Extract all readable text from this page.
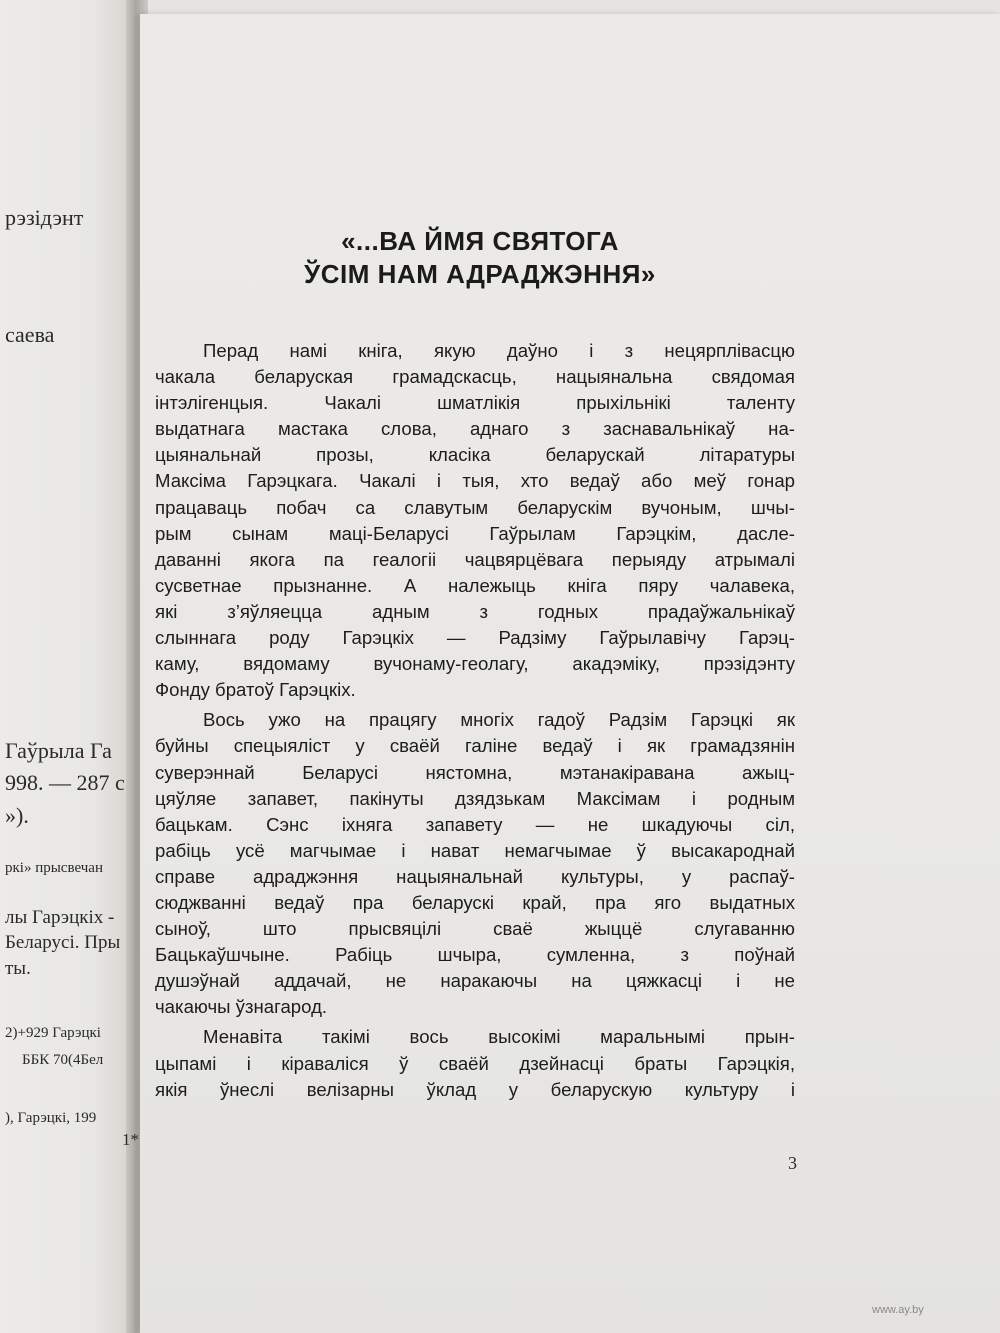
рэзідэнт
саева
Гаўрыла Га
998. — 287 с
»).
ркі» прысвечан
лы Гарэцкіх -
Беларусі. Пры
ты.
2)+929 Гарэцкі
ББК 70(4Бел
), Гарэцкі, 199
«...ВА ЙМЯ СВЯТОГА
ЎСІМ НАМ АДРАДЖЭННЯ»
Перад намі кніга, якую даўно і з нецярплівасцю
чакала беларуская грамадскасць, нацыянальна свядомая
інтэлігенцыя. Чакалі шматлікія прыхільнікі таленту
выдатнага мастака слова, аднаго з заснавальнікаў на-
цыянальнай прозы, класіка беларускай літаратуры
Максіма Гарэцкага. Чакалі і тыя, хто ведаў або меў гонар
працаваць побач са славутым беларускім вучоным, шчы-
рым сынам маці-Беларусі Гаўрылам Гарэцкім, дасле-
даванні якога па геалогіі чацвярцёвага перыяду атрымалі
сусветнае прызнанне. А належыць кніга пяру чалавека,
які з’яўляецца адным з годных прадаўжальнікаў
слыннага роду Гарэцкіх — Радзіму Гаўрылавічу Гарэц-
каму, вядомаму вучонаму-геолагу, акадэміку, прэзідэнту
Фонду братоў Гарэцкіх.
Вось ужо на працягу многіх гадоў Радзім Гарэцкі як
буйны спецыяліст у сваёй галіне ведаў і як грамадзянін
суверэннай Беларусі нястомна, мэтанакіравана ажыц-
цяўляе запавет, пакінуты дзядзькам Максімам і родным
бацькам. Сэнс іхняга запавету — не шкадуючы сіл,
рабіць усё магчымае і нават немагчымае ў высакароднай
справе адраджэння нацыянальнай культуры, у распаў-
сюджванні ведаў пра беларускі край, пра яго выдатных
сыноў, што прысвяцілі сваё жыццё слугаванню
Бацькаўшчыне. Рабіць шчыра, сумленна, з поўнай
душэўнай аддачай, не наракаючы на цяжкасці і не
чакаючы ўзнагарод.
Менавіта такімі вось высокімі маральнымі прын-
цыпамі і кіраваліся ў сваёй дзейнасці браты Гарэцкія,
якія ўнеслі велізарны ўклад у беларускую культуру і
1*
3
www.ay.by
